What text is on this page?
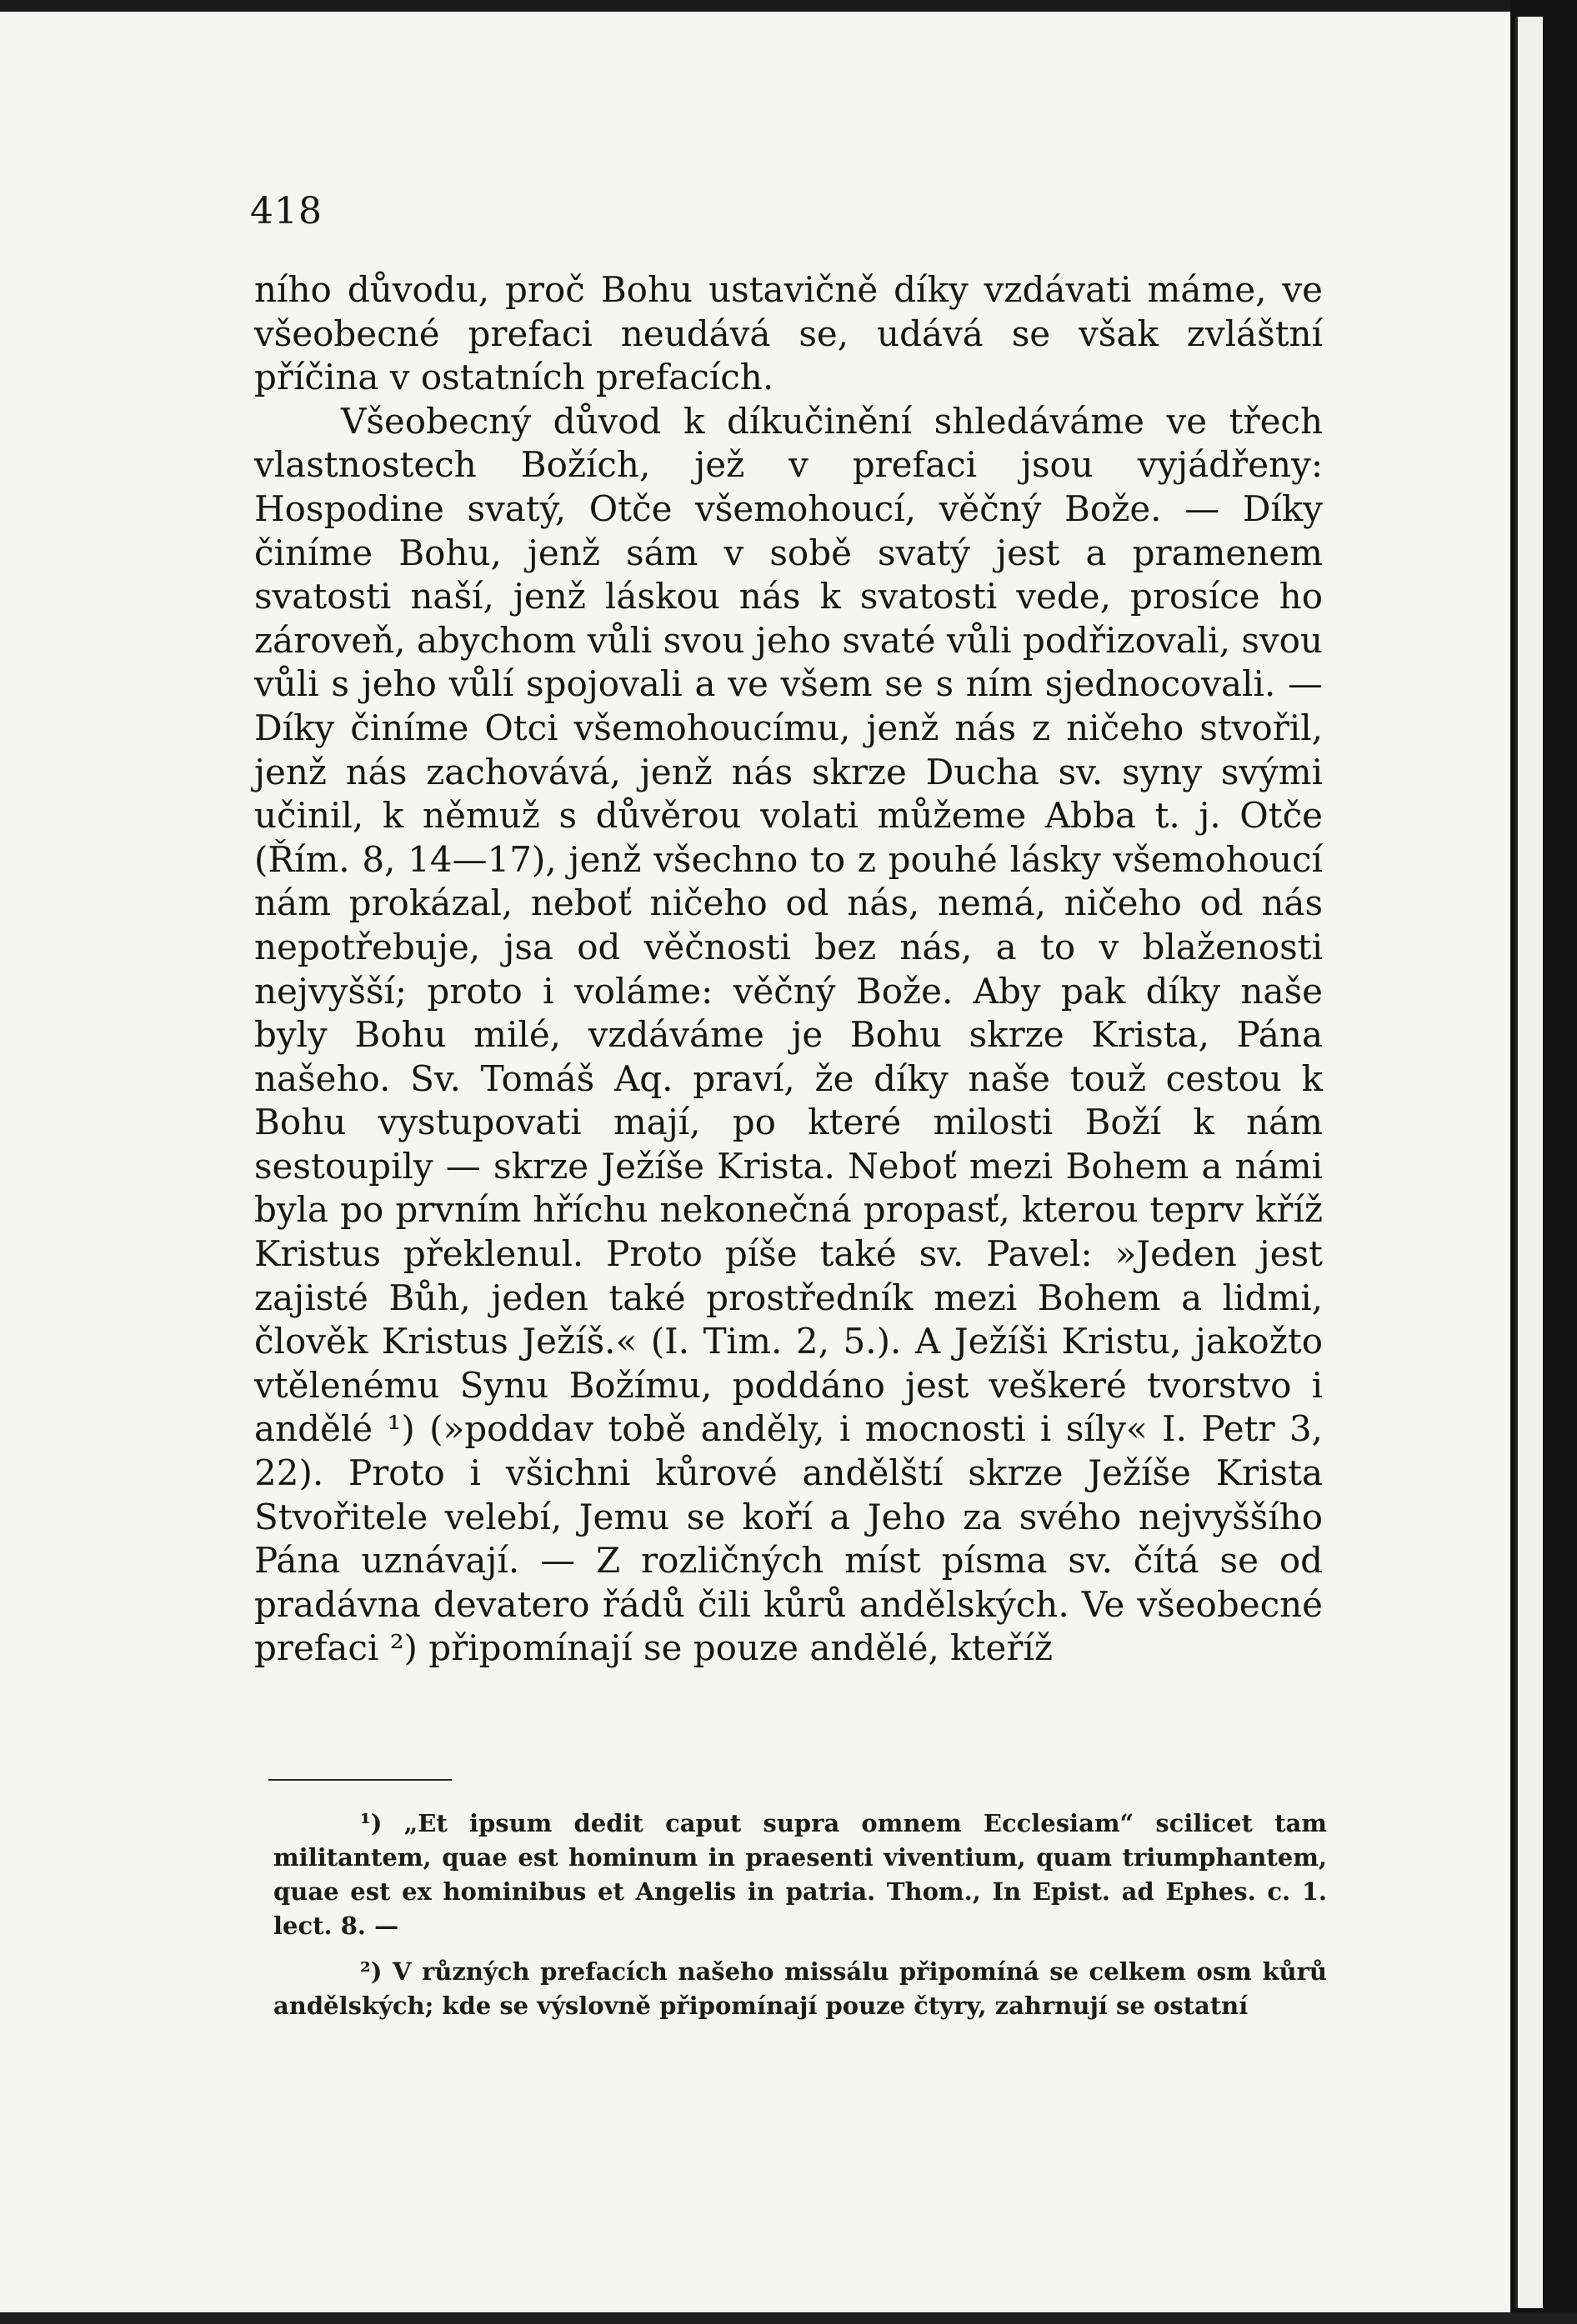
418

ního důvodu, proč Bohu ustavičně díky vzdávati máme, ve všeobecné prefaci neudává se, udává se však zvláštní příčina v ostatních prefacích.

Všeobecný důvod k díkučinění shledáváme ve třech vlastnostech Božích, jež v prefaci jsou vyjádřeny: Hospodine svatý, Otče všemohoucí, věčný Bože. — Díky činíme Bohu, jenž sám v sobě svatý jest a pramenem svatosti naší, jenž láskou nás k svatosti vede, prosíce ho zároveň, abychom vůli svou jeho svaté vůli podřizovali, svou vůli s jeho vůlí spojovali a ve všem se s ním sjednocovali. — Díky činíme Otci všemohoucímu, jenž nás z ničeho stvořil, jenž nás zachovává, jenž nás skrze Ducha sv. syny svými učinil, k němuž s důvěrou volati můžeme Abba t. j. Otče (Řím. 8, 14—17), jenž všechno to z pouhé lásky všemohoucí nám prokázal, neboť ničeho od nás, nemá, ničeho od nás nepotřebuje, jsa od věčnosti bez nás, a to v blaženosti nejvyšší; proto i voláme: věčný Bože. Aby pak díky naše byly Bohu milé, vzdáváme je Bohu skrze Krista, Pána našeho. Sv. Tomáš Aq. praví, že díky naše touž cestou k Bohu vystupovati mají, po které milosti Boží k nám sestoupily — skrze Ježíše Krista. Neboť mezi Bohem a námi byla po prvním hříchu nekonečná propasť, kterou teprv kříž Kristus překlenul. Proto píše také sv. Pavel: »Jeden jest zajisté Bůh, jeden také prostředník mezi Bohem a lidmi, člověk Kristus Ježíš.« (I. Tim. 2, 5.). A Ježíši Kristu, jakožto vtělenému Synu Božímu, poddáno jest veškeré tvorstvo i andělé ¹) (»poddav tobě anděly, i mocnosti i síly« I. Petr 3, 22). Proto i všichni kůrové andělští skrze Ježíše Krista Stvořitele velebí, Jemu se koří a Jeho za svého nejvyššího Pána uznávají. — Z rozličných míst písma sv. čítá se od pradávna devatero řádů čili kůrů andělských. Ve všeobecné prefaci ²) připomínají se pouze andělé, kteříž

¹) „Et ipsum dedit caput supra omnem Ecclesiam“ scilicet tam militantem, quae est hominum in praesenti viventium, quam triumphantem, quae est ex hominibus et Angelis in patria. Thom., In Epist. ad Ephes. c. 1. lect. 8. —

²) V různých prefacích našeho missálu připomíná se celkem osm kůrů andělských; kde se výslovně připomínají pouze čtyry, zahrnují se ostatní
